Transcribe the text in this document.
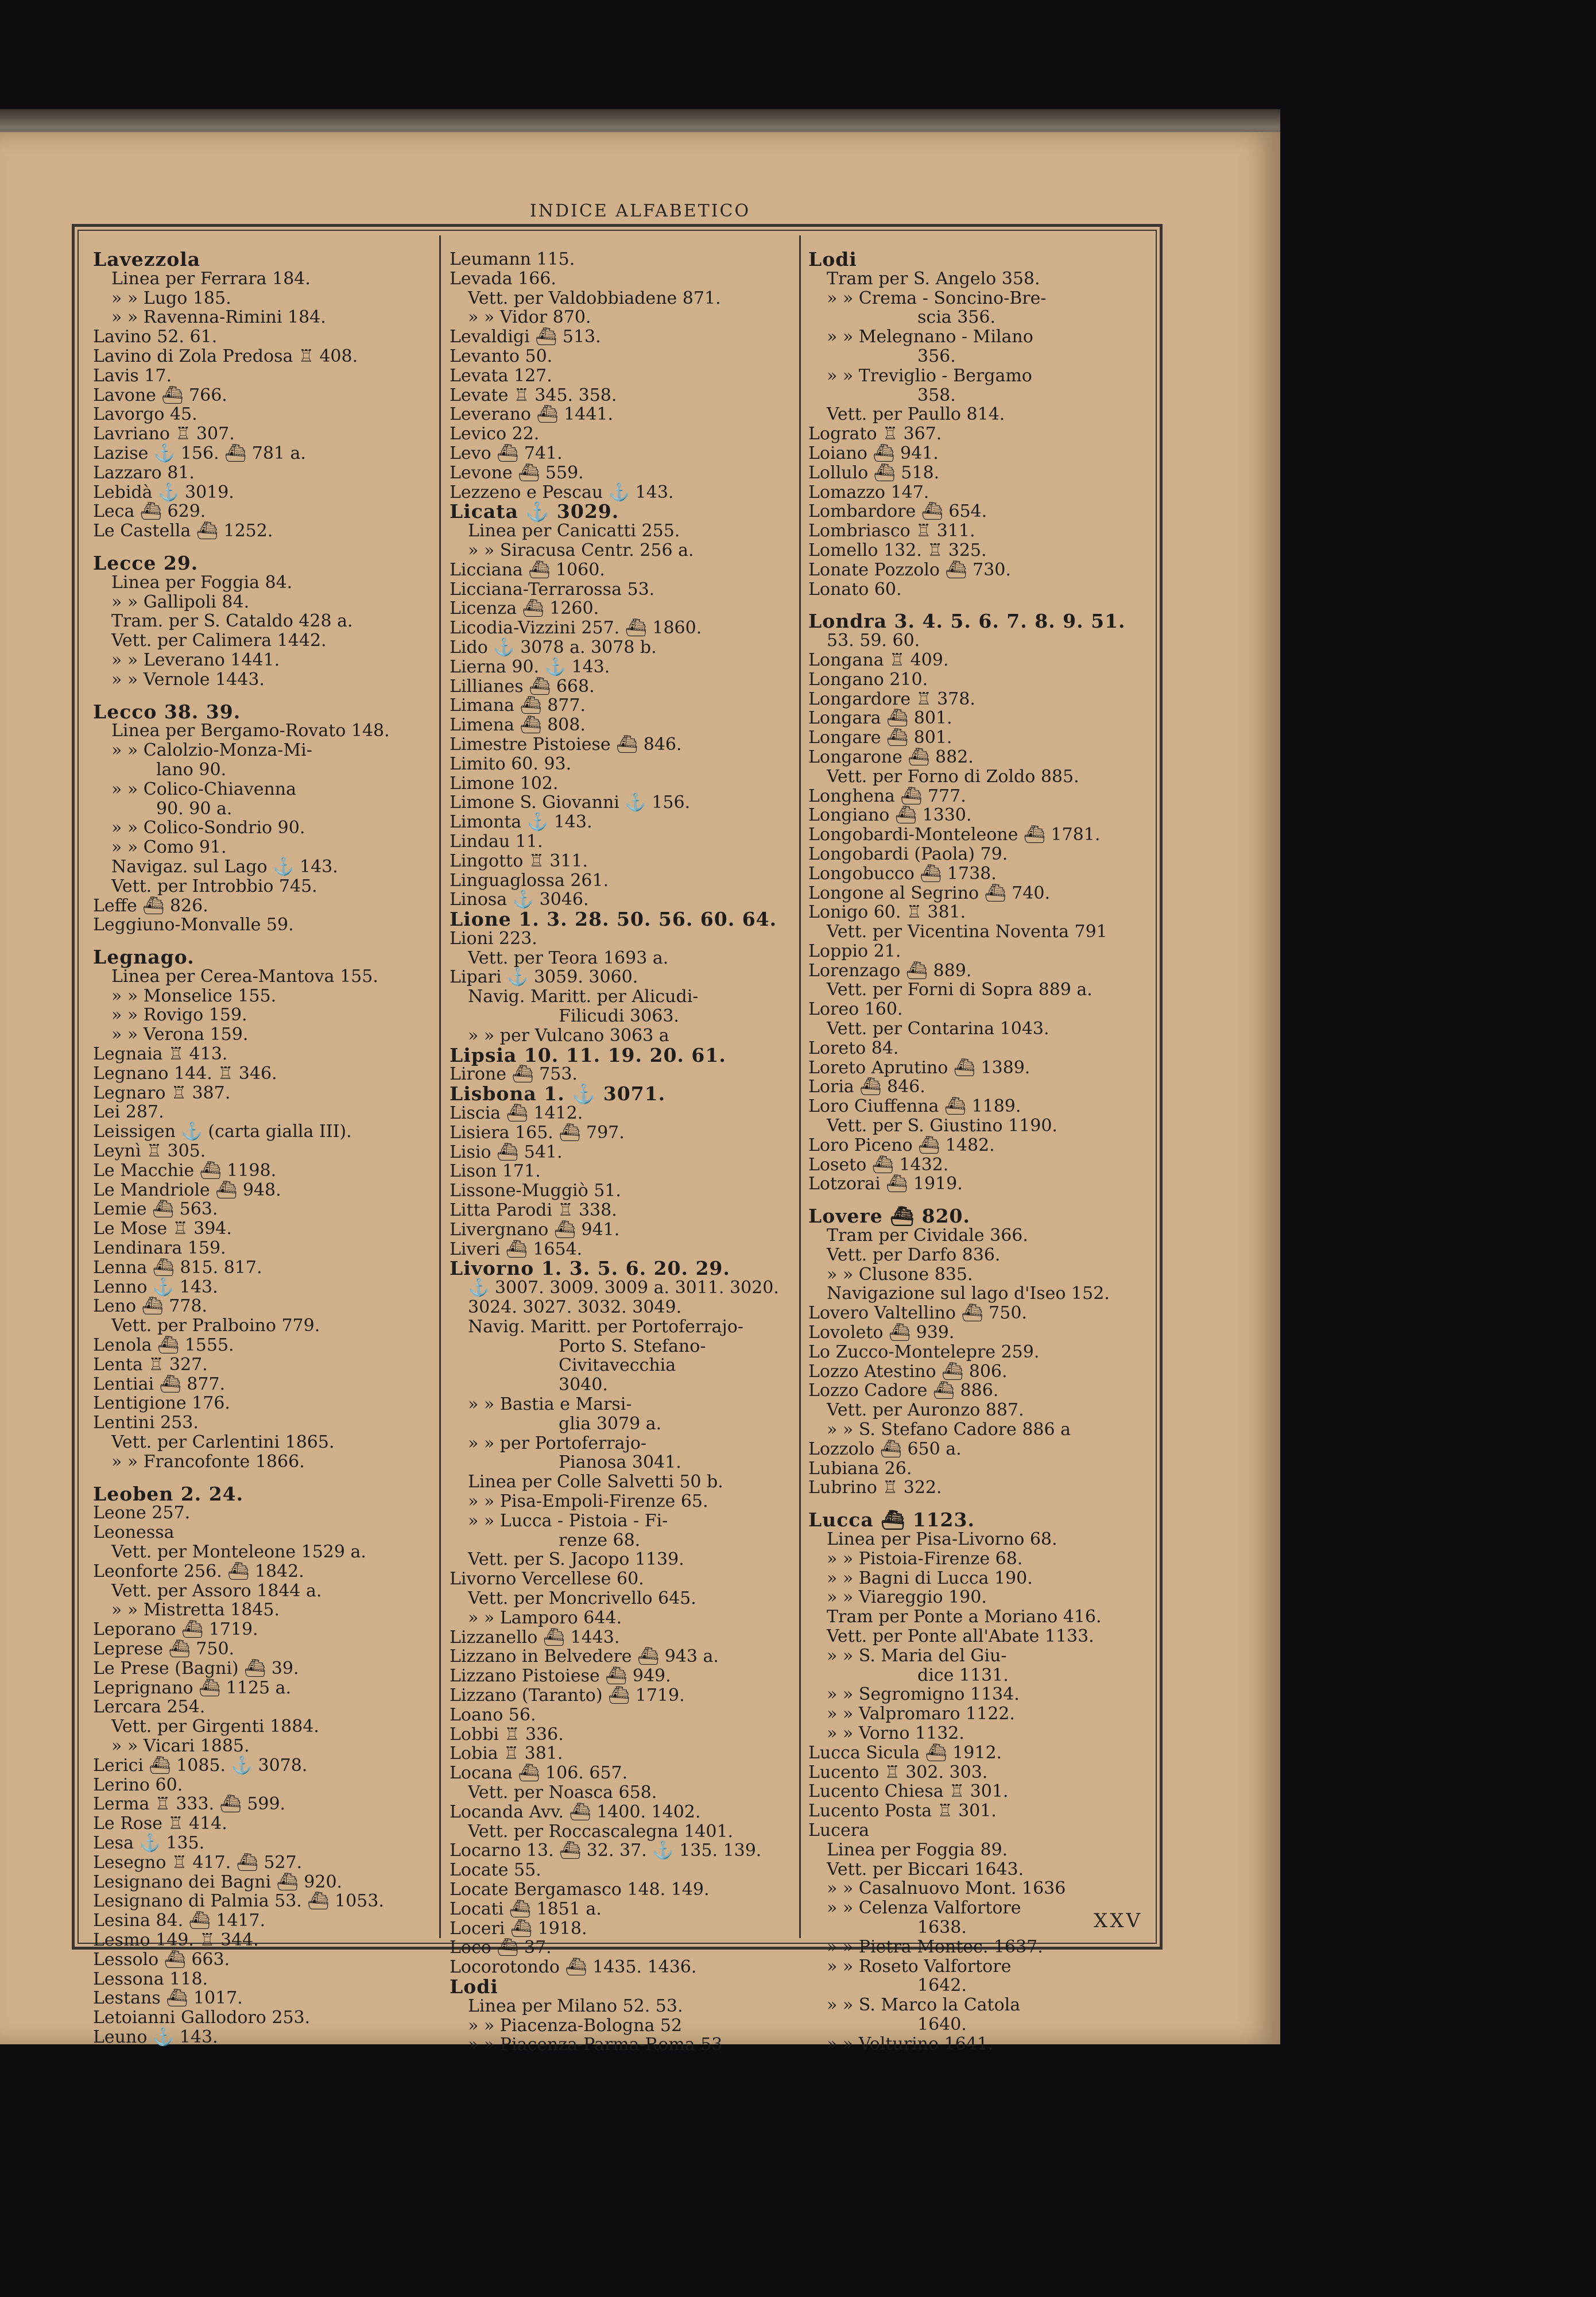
INDICE ALFABETICO
Lavezzola
Linea per Ferrara 184.
» » Lugo 185.
» » Ravenna-Rimini 184.
Lavino 52. 61.
Lavino di Zola Predosa ♖ 408.
Lavis 17.
Lavone ⛴ 766.
Lavorgo 45.
Lavriano ♖ 307.
Lazise ⚓ 156. ⛴ 781 a.
Lazzaro 81.
Lebidà ⚓ 3019.
Leca ⛴ 629.
Le Castella ⛴ 1252.
Lecce 29.
Linea per Foggia 84.
» » Gallipoli 84.
Tram. per S. Cataldo 428 a.
Vett. per Calimera 1442.
» » Leverano 1441.
» » Vernole 1443.
Lecco 38. 39.
Linea per Bergamo-Rovato 148.
» » Calolzio-Monza-Mi-
lano 90.
» » Colico-Chiavenna
90. 90 a.
» » Colico-Sondrio 90.
» » Como 91.
Navigaz. sul Lago ⚓ 143.
Vett. per Introbbio 745.
Leffe ⛴ 826.
Leggiuno-Monvalle 59.
Legnago.
Linea per Cerea-Mantova 155.
» » Monselice 155.
» » Rovigo 159.
» » Verona 159.
Legnaia ♖ 413.
Legnano 144. ♖ 346.
Legnaro ♖ 387.
Lei 287.
Leissigen ⚓ (carta gialla III).
Leynì ♖ 305.
Le Macchie ⛴ 1198.
Le Mandriole ⛴ 948.
Lemie ⛴ 563.
Le Mose ♖ 394.
Lendinara 159.
Lenna ⛴ 815. 817.
Lenno ⚓ 143.
Leno ⛴ 778.
Vett. per Pralboino 779.
Lenola ⛴ 1555.
Lenta ♖ 327.
Lentiai ⛴ 877.
Lentigione 176.
Lentini 253.
Vett. per Carlentini 1865.
» » Francofonte 1866.
Leoben 2. 24.
Leone 257.
Leonessa
Vett. per Monteleone 1529 a.
Leonforte 256. ⛴ 1842.
Vett. per Assoro 1844 a.
» » Mistretta 1845.
Leporano ⛴ 1719.
Leprese ⛴ 750.
Le Prese (Bagni) ⛴ 39.
Leprignano ⛴ 1125 a.
Lercara 254.
Vett. per Girgenti 1884.
» » Vicari 1885.
Lerici ⛴ 1085. ⚓ 3078.
Lerino 60.
Lerma ♖ 333. ⛴ 599.
Le Rose ♖ 414.
Lesa ⚓ 135.
Lesegno ♖ 417. ⛴ 527.
Lesignano dei Bagni ⛴ 920.
Lesignano di Palmia 53. ⛴ 1053.
Lesina 84. ⛴ 1417.
Lesmo 149. ♖ 344.
Lessolo ⛴ 663.
Lessona 118.
Lestans ⛴ 1017.
Letoianni Gallodoro 253.
Leuno ⚓ 143.
Leumann 115.
Levada 166.
Vett. per Valdobbiadene 871.
» » Vidor 870.
Levaldigi ⛴ 513.
Levanto 50.
Levata 127.
Levate ♖ 345. 358.
Leverano ⛴ 1441.
Levico 22.
Levo ⛴ 741.
Levone ⛴ 559.
Lezzeno e Pescau ⚓ 143.
Licata ⚓ 3029.
Linea per Canicatti 255.
» » Siracusa Centr. 256 a.
Licciana ⛴ 1060.
Licciana-Terrarossa 53.
Licenza ⛴ 1260.
Licodia-Vizzini 257. ⛴ 1860.
Lido ⚓ 3078 a. 3078 b.
Lierna 90. ⚓ 143.
Lillianes ⛴ 668.
Limana ⛴ 877.
Limena ⛴ 808.
Limestre Pistoiese ⛴ 846.
Limito 60. 93.
Limone 102.
Limone S. Giovanni ⚓ 156.
Limonta ⚓ 143.
Lindau 11.
Lingotto ♖ 311.
Linguaglossa 261.
Linosa ⚓ 3046.
Lione 1. 3. 28. 50. 56. 60. 64.
Lioni 223.
Vett. per Teora 1693 a.
Lipari ⚓ 3059. 3060.
Navig. Maritt. per Alicudi-
Filicudi 3063.
» » per Vulcano 3063 a
Lipsia 10. 11. 19. 20. 61.
Lirone ⛴ 753.
Lisbona 1. ⚓ 3071.
Liscia ⛴ 1412.
Lisiera 165. ⛴ 797.
Lisio ⛴ 541.
Lison 171.
Lissone-Muggiò 51.
Litta Parodi ♖ 338.
Livergnano ⛴ 941.
Liveri ⛴ 1654.
Livorno 1. 3. 5. 6. 20. 29.
⚓ 3007. 3009. 3009 a. 3011. 3020.
3024. 3027. 3032. 3049.
Navig. Maritt. per Portoferrajo-
Porto S. Stefano-
Civitavecchia
3040.
» » Bastia e Marsi-
glia 3079 a.
» » per Portoferrajo-
Pianosa 3041.
Linea per Colle Salvetti 50 b.
» » Pisa-Empoli-Firenze 65.
» » Lucca - Pistoia - Fi-
renze 68.
Vett. per S. Jacopo 1139.
Livorno Vercellese 60.
Vett. per Moncrivello 645.
» » Lamporo 644.
Lizzanello ⛴ 1443.
Lizzano in Belvedere ⛴ 943 a.
Lizzano Pistoiese ⛴ 949.
Lizzano (Taranto) ⛴ 1719.
Loano 56.
Lobbi ♖ 336.
Lobia ♖ 381.
Locana ⛴ 106. 657.
Vett. per Noasca 658.
Locanda Avv. ⛴ 1400. 1402.
Vett. per Roccascalegna 1401.
Locarno 13. ⛴ 32. 37. ⚓ 135. 139.
Locate 55.
Locate Bergamasco 148. 149.
Locati ⛴ 1851 a.
Loceri ⛴ 1918.
Loco ⛴ 37.
Locorotondo ⛴ 1435. 1436.
Lodi
Linea per Milano 52. 53.
» » Piacenza-Bologna 52
» » Piacenza-Parma-Roma 53
Lodi
Tram per S. Angelo 358.
» » Crema - Soncino-Bre-
scia 356.
» » Melegnano - Milano
356.
» » Treviglio - Bergamo
358.
Vett. per Paullo 814.
Lograto ♖ 367.
Loiano ⛴ 941.
Lollulo ⛴ 518.
Lomazzo 147.
Lombardore ⛴ 654.
Lombriasco ♖ 311.
Lomello 132. ♖ 325.
Lonate Pozzolo ⛴ 730.
Lonato 60.
Londra 3. 4. 5. 6. 7. 8. 9. 51.
53. 59. 60.
Longana ♖ 409.
Longano 210.
Longardore ♖ 378.
Longara ⛴ 801.
Longare ⛴ 801.
Longarone ⛴ 882.
Vett. per Forno di Zoldo 885.
Longhena ⛴ 777.
Longiano ⛴ 1330.
Longobardi-Monteleone ⛴ 1781.
Longobardi (Paola) 79.
Longobucco ⛴ 1738.
Longone al Segrino ⛴ 740.
Lonigo 60. ♖ 381.
Vett. per Vicentina Noventa 791
Loppio 21.
Lorenzago ⛴ 889.
Vett. per Forni di Sopra 889 a.
Loreo 160.
Vett. per Contarina 1043.
Loreto 84.
Loreto Aprutino ⛴ 1389.
Loria ⛴ 846.
Loro Ciuffenna ⛴ 1189.
Vett. per S. Giustino 1190.
Loro Piceno ⛴ 1482.
Loseto ⛴ 1432.
Lotzorai ⛴ 1919.
Lovere ⛴ 820.
Tram per Cividale 366.
Vett. per Darfo 836.
» » Clusone 835.
Navigazione sul lago d'Iseo 152.
Lovero Valtellino ⛴ 750.
Lovoleto ⛴ 939.
Lo Zucco-Montelepre 259.
Lozzo Atestino ⛴ 806.
Lozzo Cadore ⛴ 886.
Vett. per Auronzo 887.
» » S. Stefano Cadore 886 a
Lozzolo ⛴ 650 a.
Lubiana 26.
Lubrino ♖ 322.
Lucca ⛴ 1123.
Linea per Pisa-Livorno 68.
» » Pistoia-Firenze 68.
» » Bagni di Lucca 190.
» » Viareggio 190.
Tram per Ponte a Moriano 416.
Vett. per Ponte all'Abate 1133.
» » S. Maria del Giu-
dice 1131.
» » Segromigno 1134.
» » Valpromaro 1122.
» » Vorno 1132.
Lucca Sicula ⛴ 1912.
Lucento ♖ 302. 303.
Lucento Chiesa ♖ 301.
Lucento Posta ♖ 301.
Lucera
Linea per Foggia 89.
Vett. per Biccari 1643.
» » Casalnuovo Mont. 1636
» » Celenza Valfortore
1638.
» » Pietra Montec. 1637.
» » Roseto Valfortore
1642.
» » S. Marco la Catola
1640.
» » Volturino 1641.
XXV
